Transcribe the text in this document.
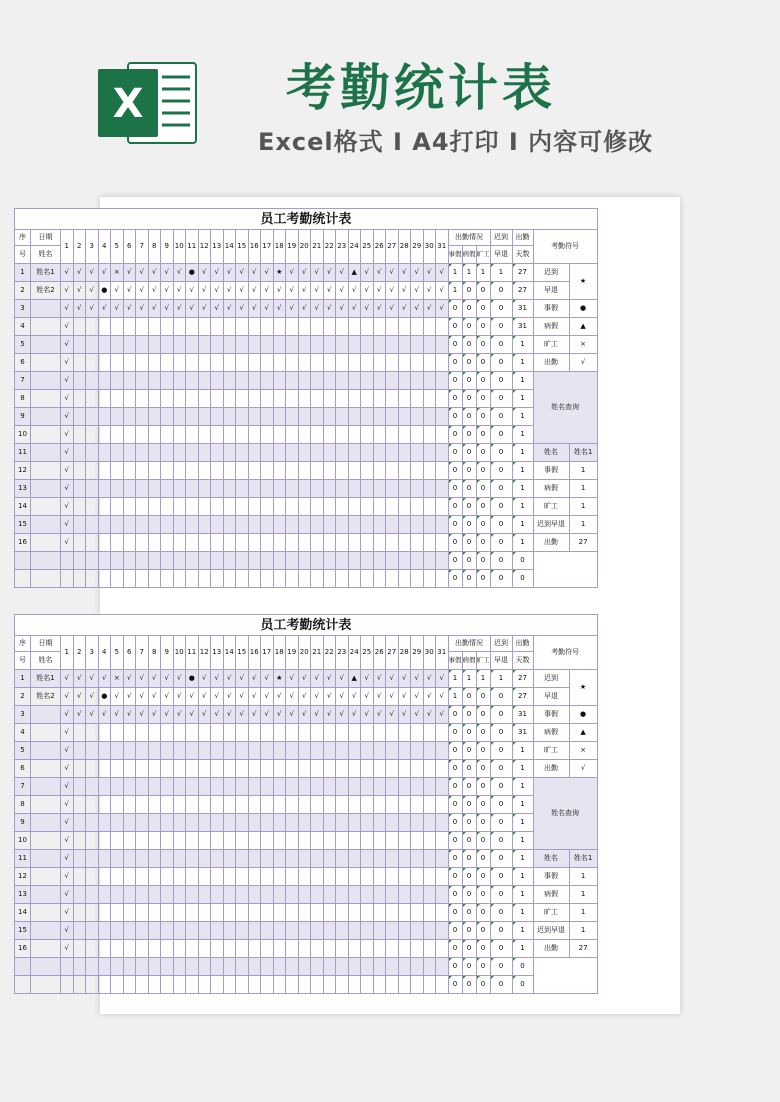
X	考勤统计表
Excel格式 I A4打印 I 内容可修改
员工考勤统计表																																							
序	日期	1	2	3	4	5	6	7	8	9	10	11	12	13	14	15	16	17	18	19	20	21	22	23	24	25	26	27	28	29	30	31	出勤情况			迟到	出勤	考勤符号	
号	姓名																																事假	病假	旷工	早退	天数		
1	姓名1	√	√	√	√	×	√	√	√	√	√	●	√	√	√	√	√	√	★	√	√	√	√	√	▲	√	√	√	√	√	√	√	1	1	1	1	27	迟到	★
2	姓名2	√	√	√	●	√	√	√	√	√	√	√	√	√	√	√	√	√	√	√	√	√	√	√	√	√	√	√	√	√	√	√	1	0	0	0	27	早退	
3		√	√	√	√	√	√	√	√	√	√	√	√	√	√	√	√	√	√	√	√	√	√	√	√	√	√	√	√	√	√	√	0	0	0	0	31	事假	●
4		√																															0	0	0	0	31	病假	▲
5		√																															0	0	0	0	1	旷工	×
6		√																															0	0	0	0	1	出勤	√
7		√																															0	0	0	0	1	姓名查询	
8		√																															0	0	0	0	1		
9		√																															0	0	0	0	1		
10		√																															0	0	0	0	1		
11		√																															0	0	0	0	1	姓名	姓名1
12		√																															0	0	0	0	1	事假	1
13		√																															0	0	0	0	1	病假	1
14		√																															0	0	0	0	1	旷工	1
15		√																															0	0	0	0	1	迟到早退	1
16		√																															0	0	0	0	1	出勤	27
																																	0	0	0	0	0		
																																	0	0	0	0	0		
员工考勤统计表																																							
序	日期	1	2	3	4	5	6	7	8	9	10	11	12	13	14	15	16	17	18	19	20	21	22	23	24	25	26	27	28	29	30	31	出勤情况			迟到	出勤	考勤符号	
号	姓名																																事假	病假	旷工	早退	天数		
1	姓名1	√	√	√	√	×	√	√	√	√	√	●	√	√	√	√	√	√	★	√	√	√	√	√	▲	√	√	√	√	√	√	√	1	1	1	1	27	迟到	★
2	姓名2	√	√	√	●	√	√	√	√	√	√	√	√	√	√	√	√	√	√	√	√	√	√	√	√	√	√	√	√	√	√	√	1	0	0	0	27	早退	
3		√	√	√	√	√	√	√	√	√	√	√	√	√	√	√	√	√	√	√	√	√	√	√	√	√	√	√	√	√	√	√	0	0	0	0	31	事假	●
4		√																															0	0	0	0	31	病假	▲
5		√																															0	0	0	0	1	旷工	×
6		√																															0	0	0	0	1	出勤	√
7		√																															0	0	0	0	1	姓名查询	
8		√																															0	0	0	0	1		
9		√																															0	0	0	0	1		
10		√																															0	0	0	0	1		
11		√																															0	0	0	0	1	姓名	姓名1
12		√																															0	0	0	0	1	事假	1
13		√																															0	0	0	0	1	病假	1
14		√																															0	0	0	0	1	旷工	1
15		√																															0	0	0	0	1	迟到早退	1
16		√																															0	0	0	0	1	出勤	27
																																	0	0	0	0	0		
																																	0	0	0	0	0		
